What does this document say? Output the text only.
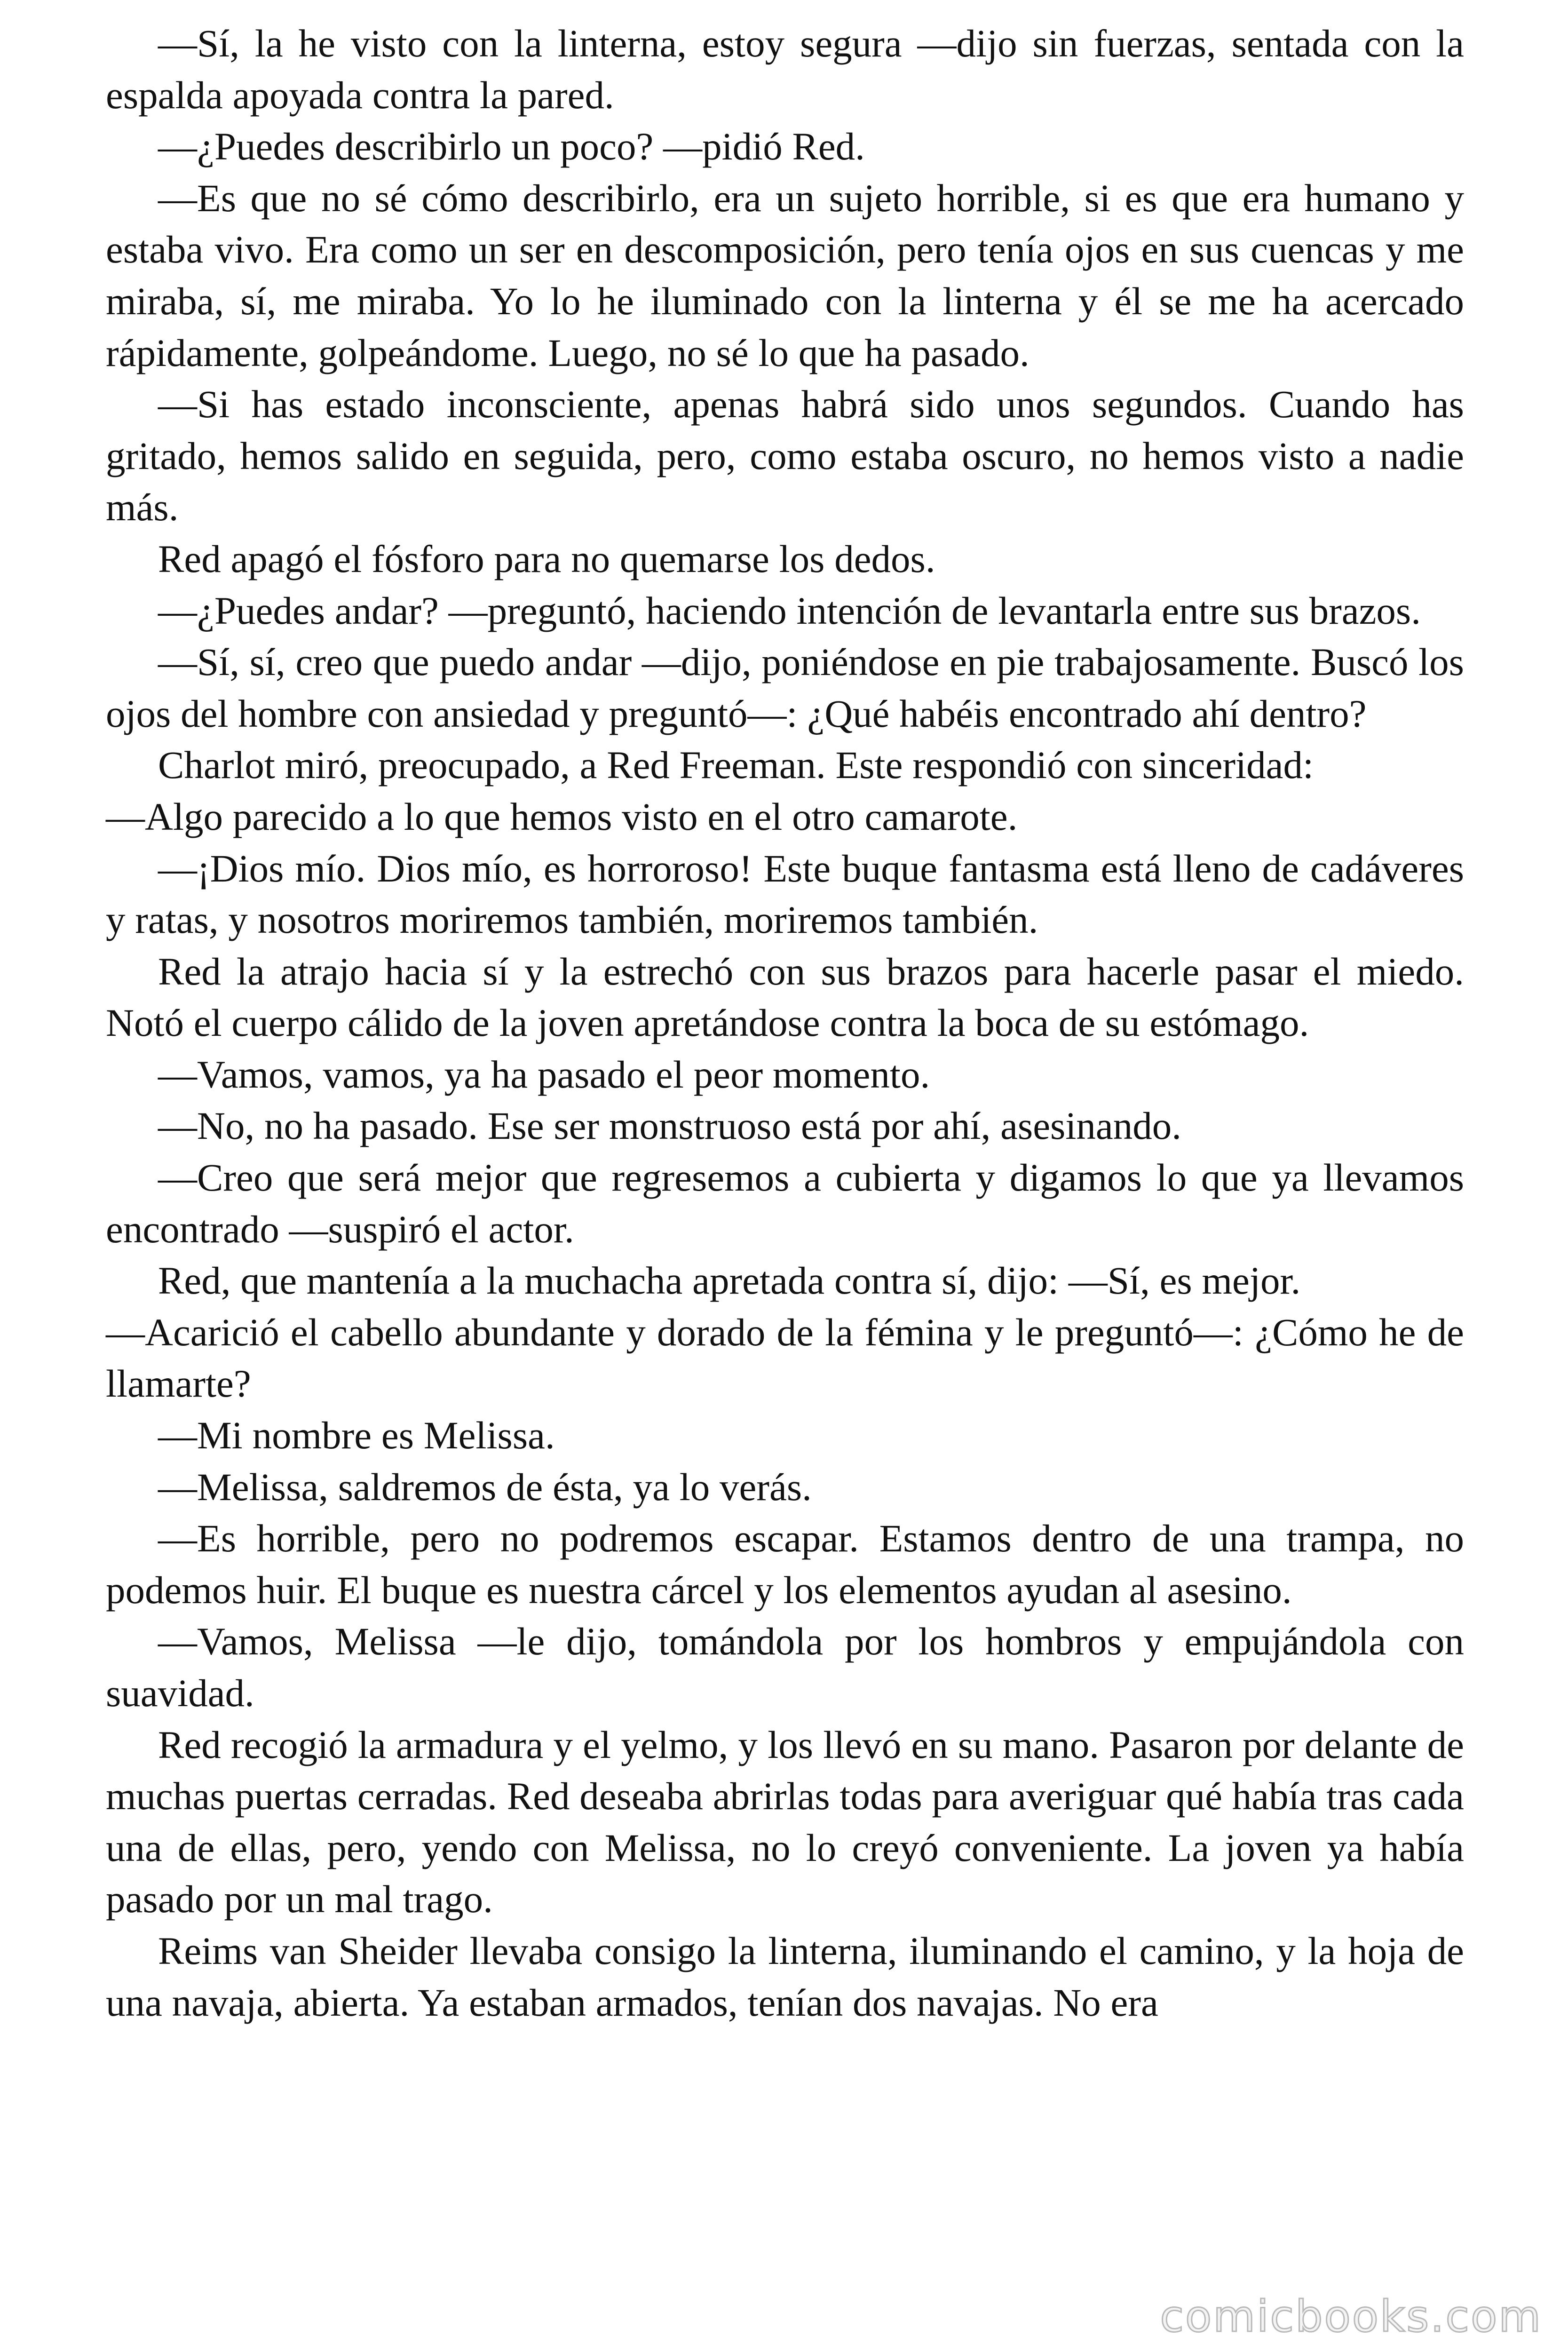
—Sí, la he visto con la linterna, estoy segura —dijo sin fuerzas, sentada con la espalda apoyada contra la pared.

—¿Puedes describirlo un poco? —pidió Red.

—Es que no sé cómo describirlo, era un sujeto horrible, si es que era humano y estaba vivo. Era como un ser en descomposición, pero tenía ojos en sus cuencas y me miraba, sí, me miraba. Yo lo he iluminado con la linterna y él se me ha acercado rápidamente, golpeándome. Luego, no sé lo que ha pasado.

—Si has estado inconsciente, apenas habrá sido unos segundos. Cuando has gritado, hemos salido en seguida, pero, como estaba oscuro, no hemos visto a nadie más.

Red apagó el fósforo para no quemarse los dedos.

—¿Puedes andar? —preguntó, haciendo intención de levantarla entre sus brazos.

—Sí, sí, creo que puedo andar —dijo, poniéndose en pie trabajosamente. Buscó los ojos del hombre con ansiedad y preguntó—: ¿Qué habéis encontrado ahí dentro?

Charlot miró, preocupado, a Red Freeman. Este respondió con sinceridad:

—Algo parecido a lo que hemos visto en el otro camarote.

—¡Dios mío. Dios mío, es horroroso! Este buque fantasma está lleno de cadáveres y ratas, y nosotros moriremos también, moriremos también.

Red la atrajo hacia sí y la estrechó con sus brazos para hacerle pasar el miedo. Notó el cuerpo cálido de la joven apretándose contra la boca de su estómago.

—Vamos, vamos, ya ha pasado el peor momento.

—No, no ha pasado. Ese ser monstruoso está por ahí, asesinando.

—Creo que será mejor que regresemos a cubierta y digamos lo que ya llevamos encontrado —suspiró el actor.

Red, que mantenía a la muchacha apretada contra sí, dijo: —Sí, es mejor.

—Acarició el cabello abundante y dorado de la fémina y le preguntó—: ¿Cómo he de llamarte?

—Mi nombre es Melissa.

—Melissa, saldremos de ésta, ya lo verás.

—Es horrible, pero no podremos escapar. Estamos dentro de una trampa, no podemos huir. El buque es nuestra cárcel y los elementos ayudan al asesino.

—Vamos, Melissa —le dijo, tomándola por los hombros y empujándola con suavidad.

Red recogió la armadura y el yelmo, y los llevó en su mano. Pasaron por delante de muchas puertas cerradas. Red deseaba abrirlas todas para averiguar qué había tras cada una de ellas, pero, yendo con Melissa, no lo creyó conveniente. La joven ya había pasado por un mal trago.

Reims van Sheider llevaba consigo la linterna, iluminando el camino, y la hoja de una navaja, abierta. Ya estaban armados, tenían dos navajas. No era

comicbooks.com
